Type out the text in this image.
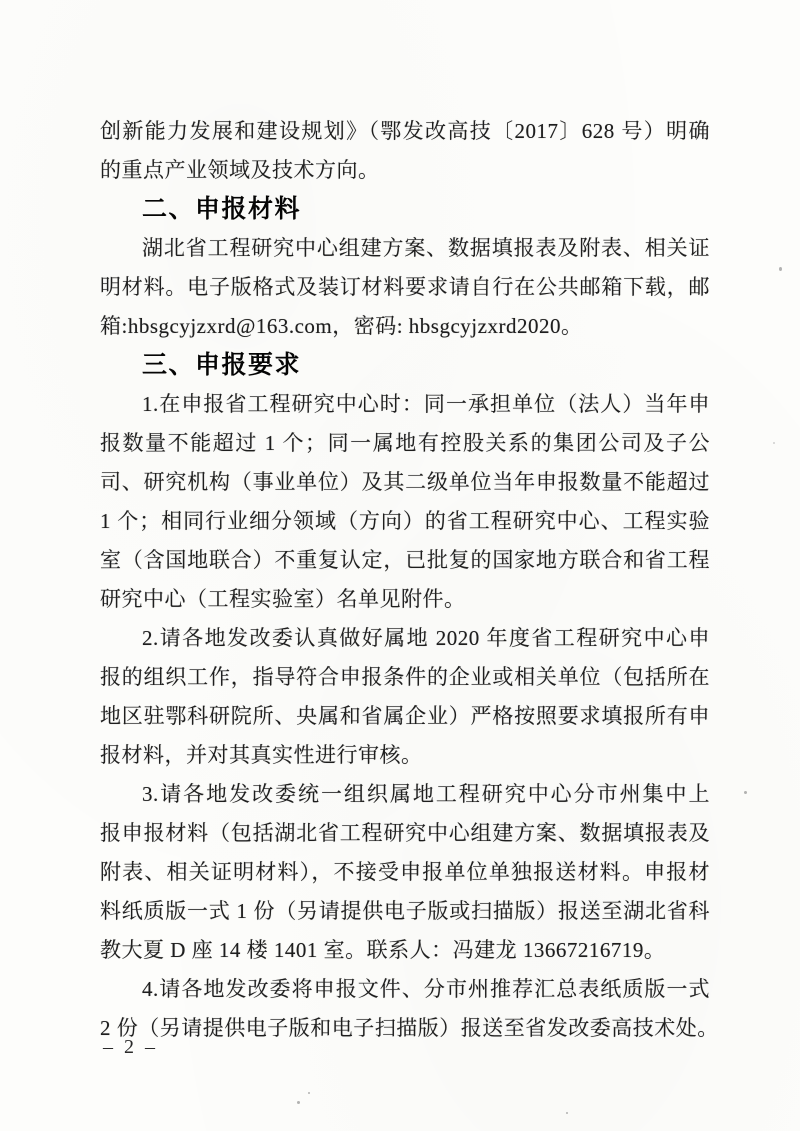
创新能力发展和建设规划》（鄂发改高技〔2017〕628 号）明确
的重点产业领域及技术方向。
二、申报材料
湖北省工程研究中心组建方案、数据填报表及附表、相关证
明材料。电子版格式及装订材料要求请自行在公共邮箱下载，邮
箱:hbsgcyjzxrd@163.com，密码: hbsgcyjzxrd2020。
三、申报要求
1.在申报省工程研究中心时：同一承担单位（法人）当年申
报数量不能超过 1 个；同一属地有控股关系的集团公司及子公
司、研究机构（事业单位）及其二级单位当年申报数量不能超过
1 个；相同行业细分领域（方向）的省工程研究中心、工程实验
室（含国地联合）不重复认定，已批复的国家地方联合和省工程
研究中心（工程实验室）名单见附件。
2.请各地发改委认真做好属地 2020 年度省工程研究中心申
报的组织工作，指导符合申报条件的企业或相关单位（包括所在
地区驻鄂科研院所、央属和省属企业）严格按照要求填报所有申
报材料，并对其真实性进行审核。
3.请各地发改委统一组织属地工程研究中心分市州集中上
报申报材料（包括湖北省工程研究中心组建方案、数据填报表及
附表、相关证明材料），不接受申报单位单独报送材料。申报材
料纸质版一式 1 份（另请提供电子版或扫描版）报送至湖北省科
教大夏 D 座 14 楼 1401 室。联系人：冯建龙 13667216719。
4.请各地发改委将申报文件、分市州推荐汇总表纸质版一式
2 份（另请提供电子版和电子扫描版）报送至省发改委高技术处。
– 2 –
